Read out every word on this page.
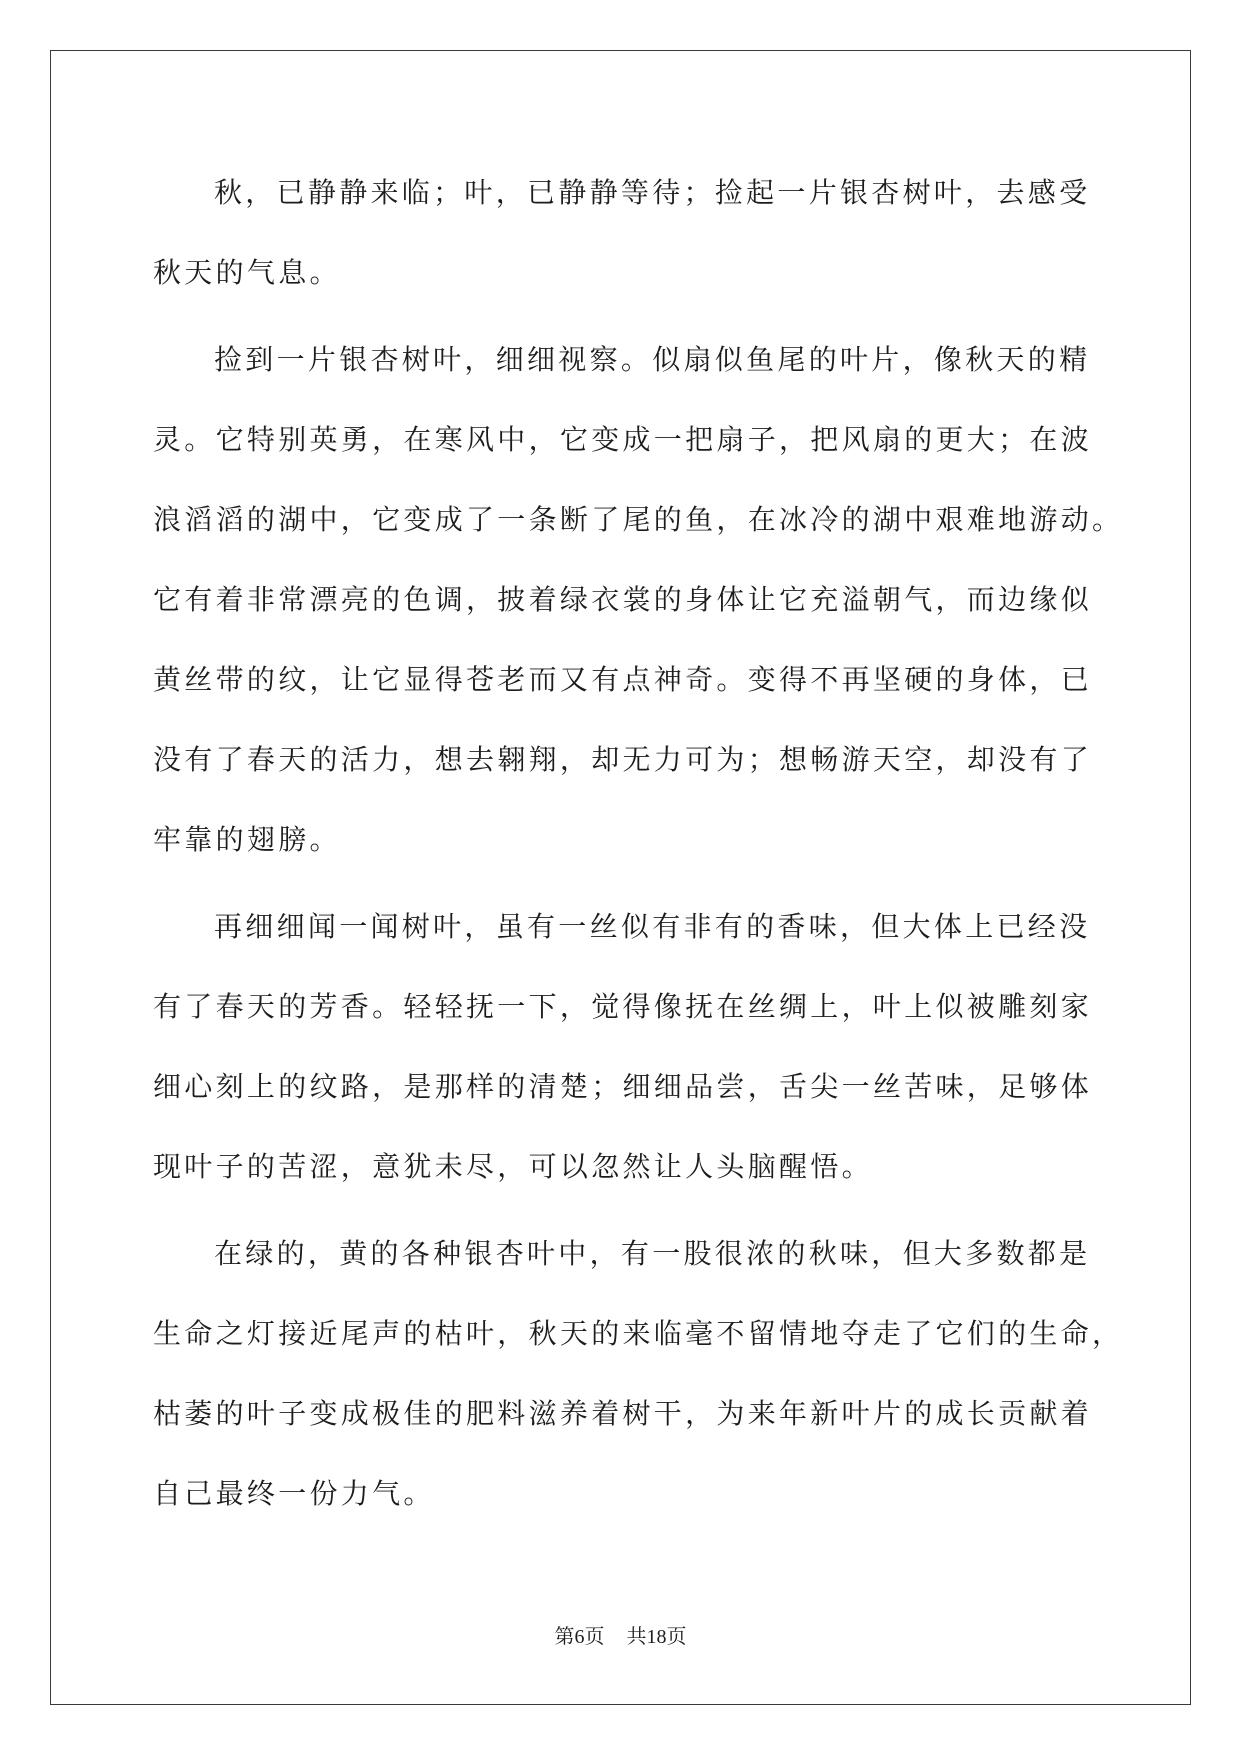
秋，已静静来临；叶，已静静等待；捡起一片银杏树叶，去感受
秋天的气息。
捡到一片银杏树叶，细细视察。似扇似鱼尾的叶片，像秋天的精
灵。它特别英勇，在寒风中，它变成一把扇子，把风扇的更大；在波
浪滔滔的湖中，它变成了一条断了尾的鱼，在冰冷的湖中艰难地游动。
它有着非常漂亮的色调，披着绿衣裳的身体让它充溢朝气，而边缘似
黄丝带的纹，让它显得苍老而又有点神奇。变得不再坚硬的身体，已
没有了春天的活力，想去翱翔，却无力可为；想畅游天空，却没有了
牢靠的翅膀。
再细细闻一闻树叶，虽有一丝似有非有的香味，但大体上已经没
有了春天的芳香。轻轻抚一下，觉得像抚在丝绸上，叶上似被雕刻家
细心刻上的纹路，是那样的清楚；细细品尝，舌尖一丝苦味，足够体
现叶子的苦涩，意犹未尽，可以忽然让人头脑醒悟。
在绿的，黄的各种银杏叶中，有一股很浓的秋味，但大多数都是
生命之灯接近尾声的枯叶，秋天的来临毫不留情地夺走了它们的生命，
枯萎的叶子变成极佳的肥料滋养着树干，为来年新叶片的成长贡献着
自己最终一份力气。
第6页 共18页
